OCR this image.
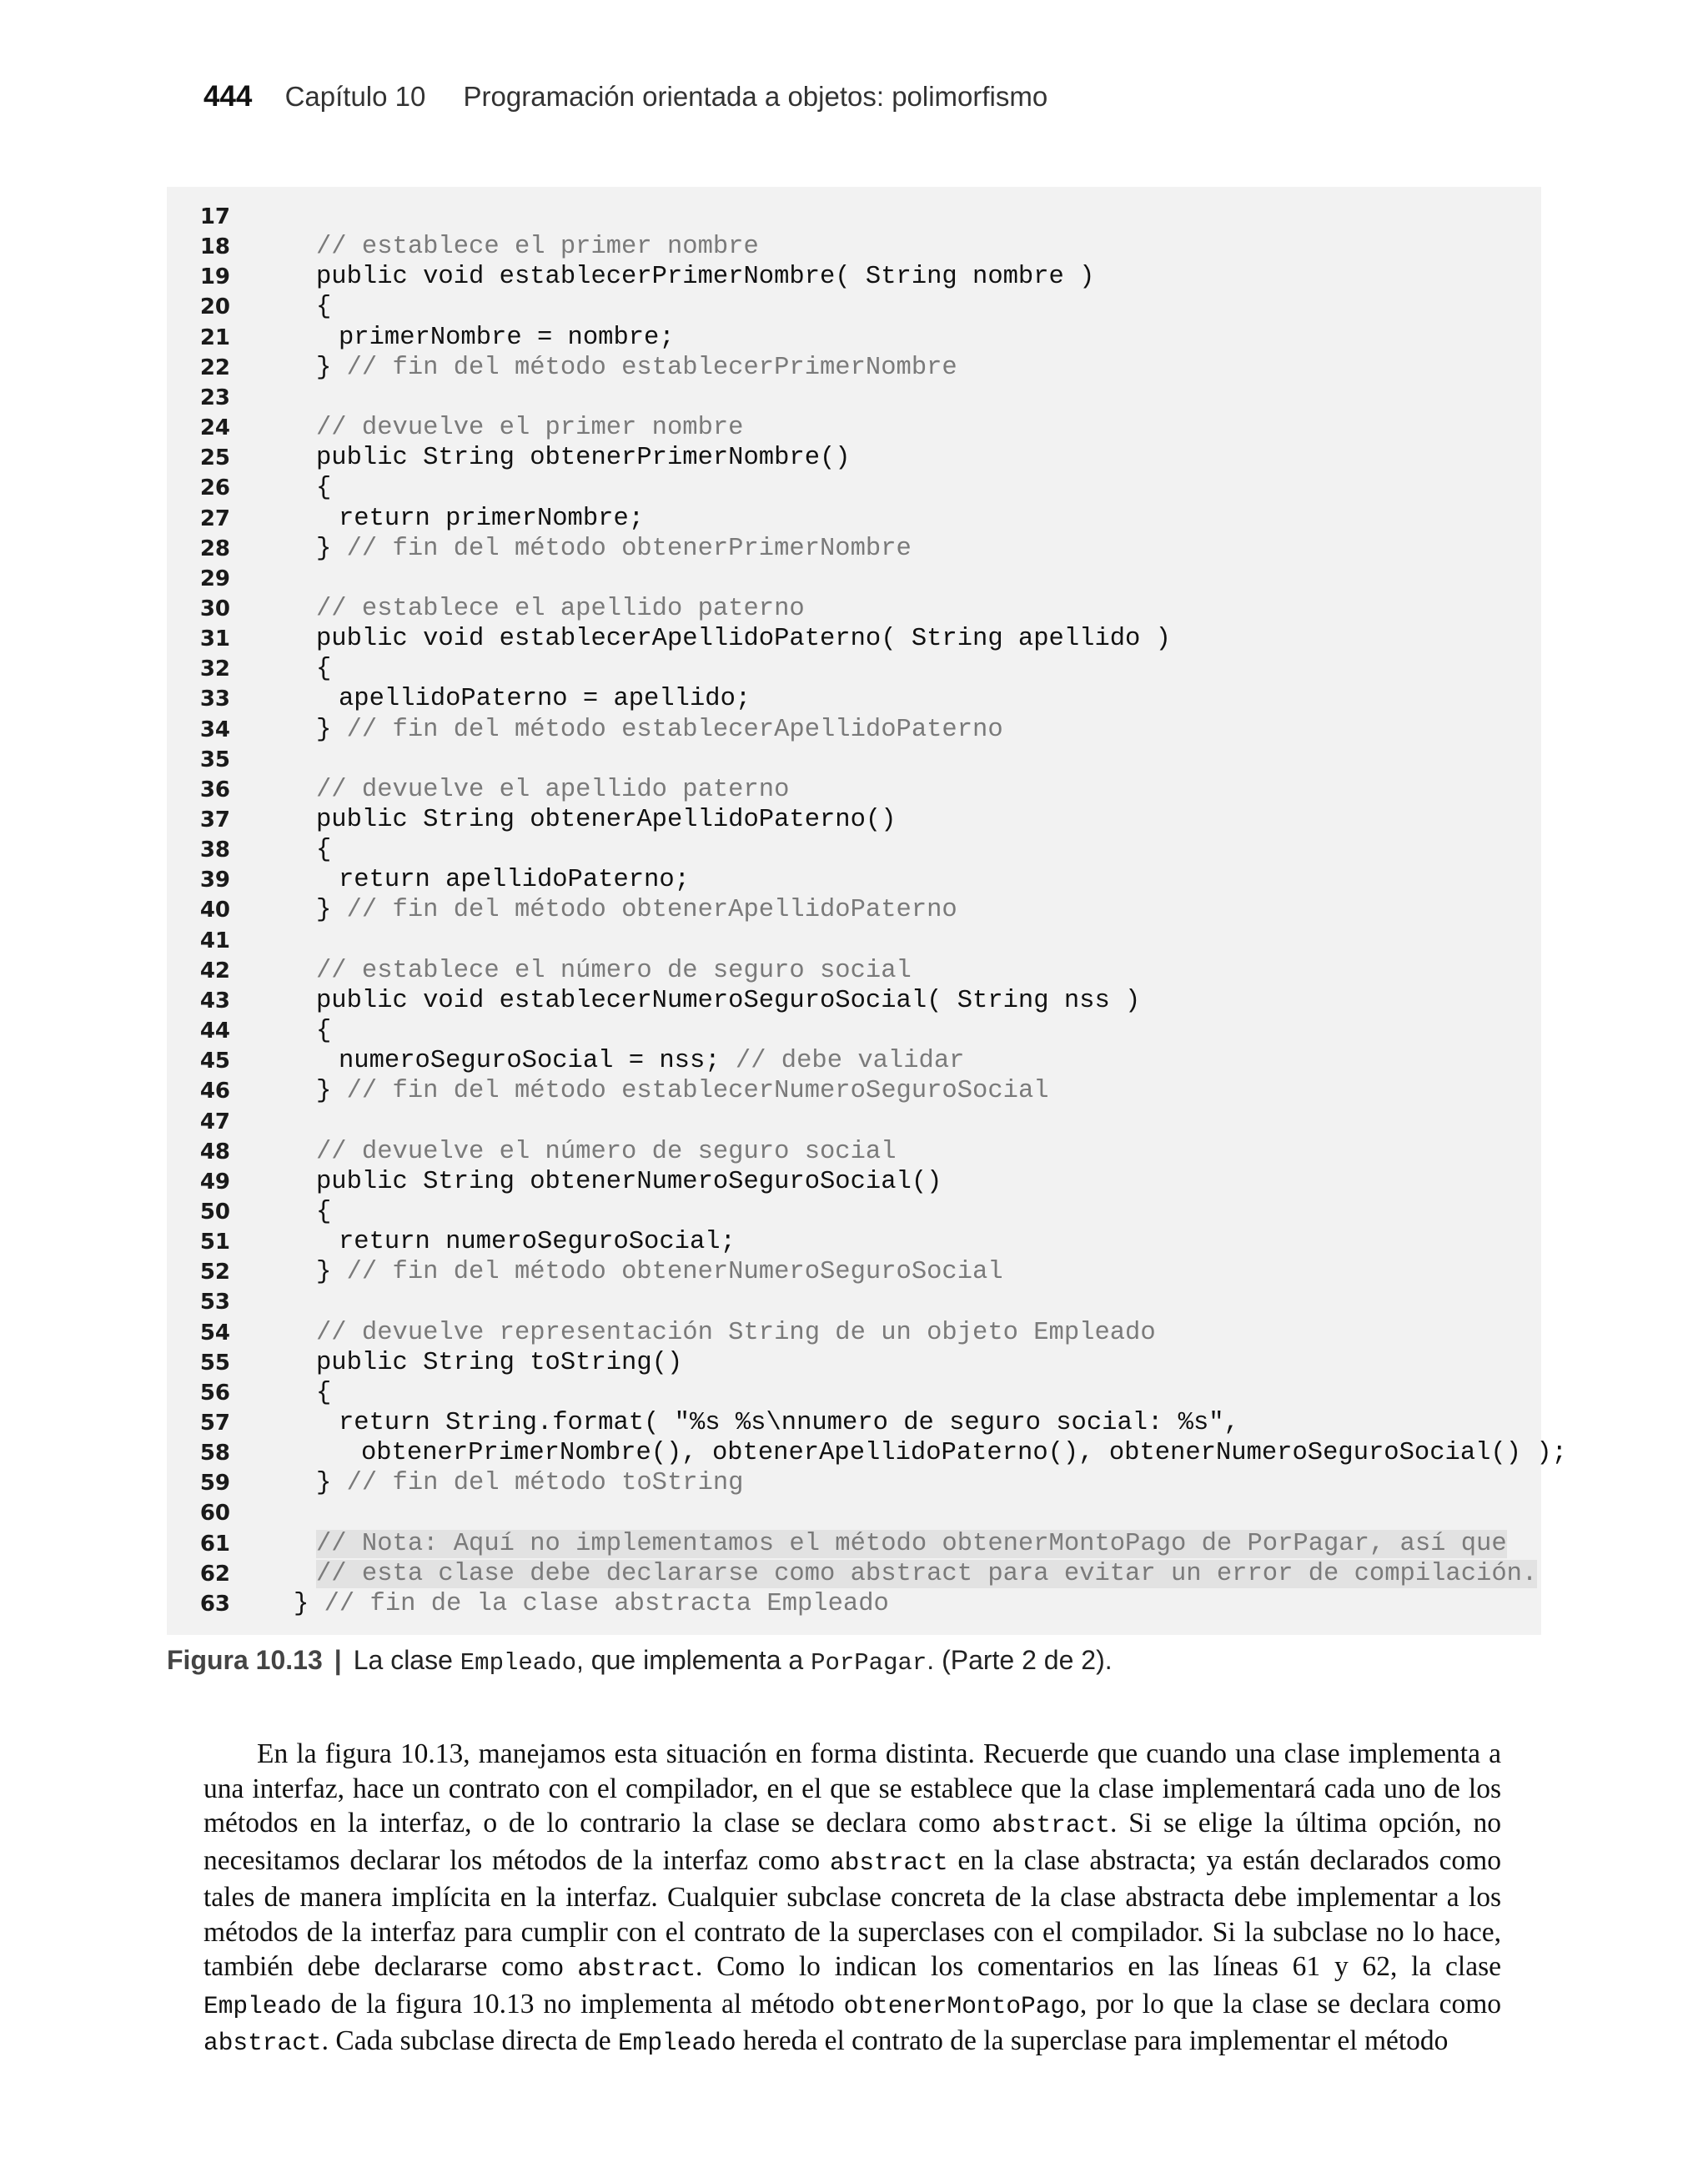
444 Capítulo 10 Programación orientada a objetos: polimorfismo
17
18	// establece el primer nombre
19	public void establecerPrimerNombre( String nombre )
20	{
21	primerNombre = nombre;
22	} // fin del método establecerPrimerNombre
23
24	// devuelve el primer nombre
25	public String obtenerPrimerNombre()
26	{
27	return primerNombre;
28	} // fin del método obtenerPrimerNombre
29
30	// establece el apellido paterno
31	public void establecerApellidoPaterno( String apellido )
32	{
33	apellidoPaterno = apellido;
34	} // fin del método establecerApellidoPaterno
35
36	// devuelve el apellido paterno
37	public String obtenerApellidoPaterno()
38	{
39	return apellidoPaterno;
40	} // fin del método obtenerApellidoPaterno
41
42	// establece el número de seguro social
43	public void establecerNumeroSeguroSocial( String nss )
44	{
45	numeroSeguroSocial = nss; // debe validar
46	} // fin del método establecerNumeroSeguroSocial
47
48	// devuelve el número de seguro social
49	public String obtenerNumeroSeguroSocial()
50	{
51	return numeroSeguroSocial;
52	} // fin del método obtenerNumeroSeguroSocial
53
54	// devuelve representación String de un objeto Empleado
55	public String toString()
56	{
57	return String.format( "%s %s\nnumero de seguro social: %s",
58	obtenerPrimerNombre(), obtenerApellidoPaterno(), obtenerNumeroSeguroSocial() );
59	} // fin del método toString
60
61	// Nota: Aquí no implementamos el método obtenerMontoPago de PorPagar, así que
62	// esta clase debe declararse como abstract para evitar un error de compilación.
63 } // fin de la clase abstracta Empleado
Figura 10.13 | La clase Empleado, que implementa a PorPagar. (Parte 2 de 2).

En la figura 10.13, manejamos esta situación en forma distinta. Recuerde que cuando una clase implementa a una interfaz, hace un contrato con el compilador, en el que se establece que la clase implementará cada uno de los métodos en la interfaz, o de lo contrario la clase se declara como abstract. Si se elige la última opción, no necesitamos declarar los métodos de la interfaz como abstract en la clase abstracta; ya están declarados como tales de manera implícita en la interfaz. Cualquier subclase concreta de la clase abstracta debe implementar a los métodos de la interfaz para cumplir con el contrato de la superclases con el compilador. Si la subclase no lo hace, también debe declararse como abstract. Como lo indican los comentarios en las líneas 61 y 62, la clase Empleado de la figura 10.13 no implementa al método obtenerMontoPago, por lo que la clase se declara como abstract. Cada subclase directa de Empleado hereda el contrato de la superclase para implementar el método
